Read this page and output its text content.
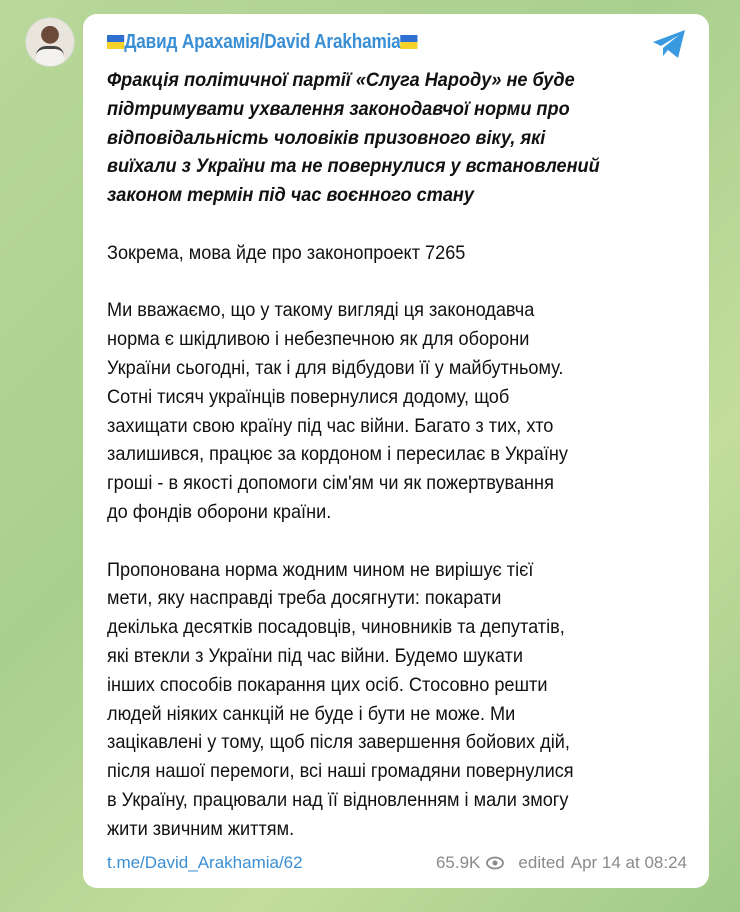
Давид Арахамія/David Arakhamia
Фракція політичної партії «Слуга Народу» не буде
підтримувати ухвалення законодавчої норми про
відповідальність чоловіків призовного віку, які
виїхали з України та не повернулися у встановлений
законом термін під час воєнного стану
Зокрема, мова йде про законопроект 7265
Ми вважаємо, що у такому вигляді ця законодавча
норма є шкідливою і небезпечною як для оборони
України сьогодні, так і для відбудови її у майбутньому.
Сотні тисяч українців повернулися додому, щоб
захищати свою країну під час війни. Багато з тих, хто
залишився, працює за кордоном і пересилає в Україну
гроші - в якості допомоги сім'ям чи як пожертвування
до фондів оборони країни.
Пропонована норма жодним чином не вирішує тієї
мети, яку насправді треба досягнути: покарати
декілька десятків посадовців, чиновників та депутатів,
які втекли з України під час війни. Будемо шукати
інших способів покарання цих осіб. Стосовно решти
людей ніяких санкцій не буде і бути не може. Ми
зацікавлені у тому, щоб після завершення бойових дій,
після нашої перемоги, всі наші громадяни повернулися
в Україну, працювали над її відновленням і мали змогу
жити звичним життям.
t.me/David_Arakhamia/62	65.9K edited Apr 14 at 08:24
